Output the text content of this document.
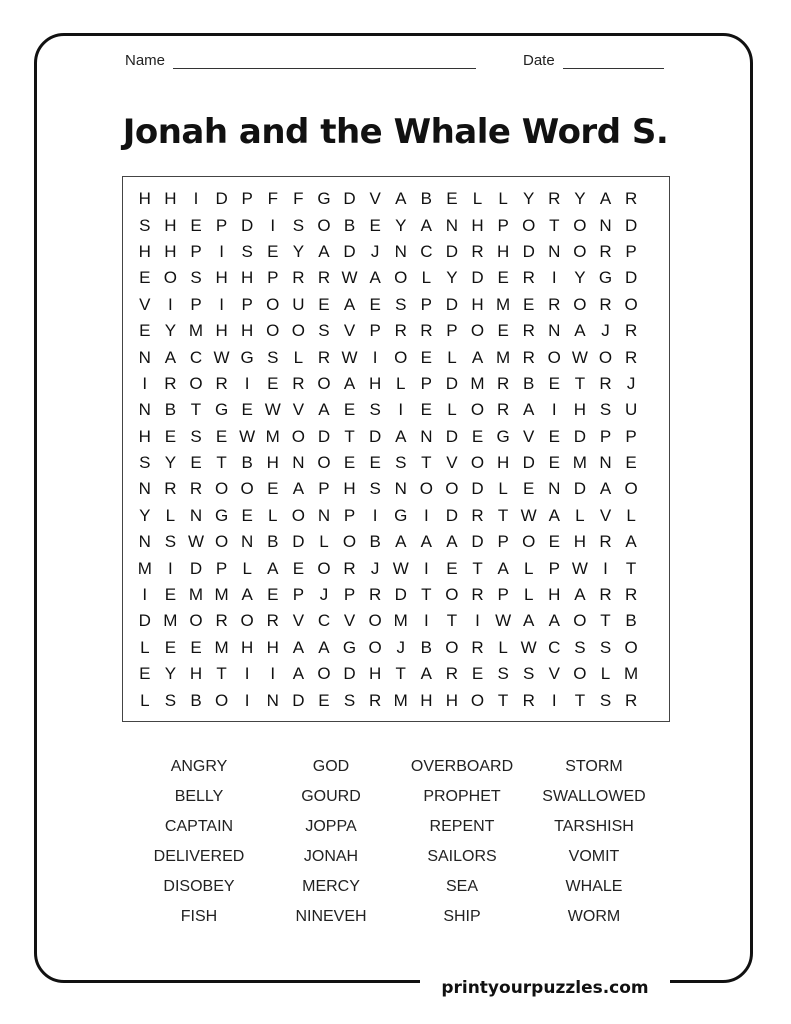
Name	Date
Jonah and the Whale Word S.
H H	I	D P F F G D V A B E L L Y R Y A R
S H E P D	I	S O B E Y A N H P O T O N D
H H P	I	S E Y A D J N C D R H D N O R P
E O S H H P R R W A O L Y D E R	I	Y G D
V	I	P	I	P O U E A E S P D H M E R O R O
E Y M H H O O S V P R R P O E R N A J R
N A C W G S L R W I O E L A M R O W O R
I	R O R	I	E R O A H L P D M R B E T R J
N B T G E W V A E S	I	E L O R A	I	H S U
H E S E W M O D T D A N D E G V E D P P
S Y E T B H N O E E S T V O H D E M N E
N R R O O E A P H S N O O D L E N D A O
Y L N G E L O N P	I G I	D R T W A L V L
N S W O N B D L O B A A A D P O E H R A
M I	D P L A E O R J W I	E T A L P W I	T
I	E M M A E P J P R D T O R P L H A R R
D M O R O R V C V O M I	T	I W A A O T B
L E E M H H A A G O J B O R L W C S S O
E Y H T	I	I	A O D H T A R E S S V O L M
L S B O I	N D E S R M H H O T R	I	T S R
ANGRY	GOD	OVERBOARD	STORM
BELLY	GOURD	PROPHET	SWALLOWED
CAPTAIN	JOPPA	REPENT	TARSHISH
DELIVERED	JONAH	SAILORS	VOMIT
DISOBEY	MERCY	SEA	WHALE
FISH	NINEVEH	SHIP	WORM
printyourpuzzles.com
